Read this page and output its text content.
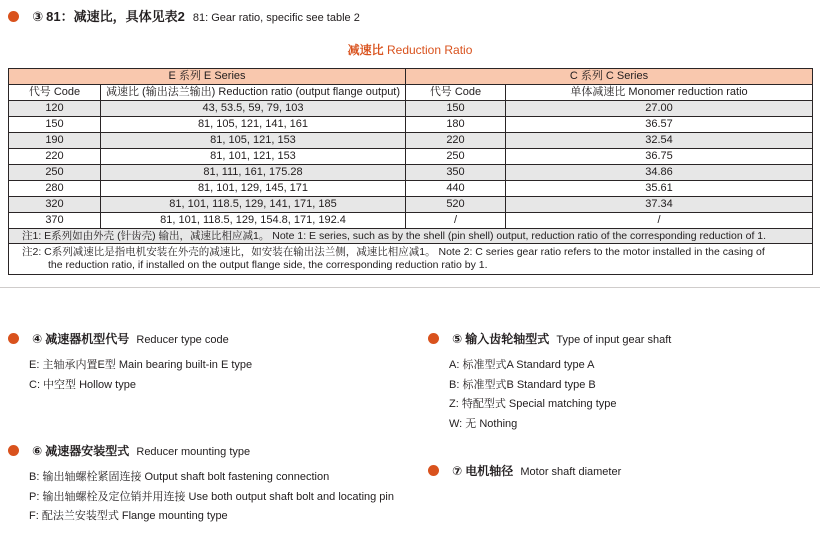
③ 81：减速比，具体见表2 81: Gear ratio, specific see table 2
减速比 Reduction Ratio
E 系列 E Series		C 系列 C Series	
代号 Code	减速比 (输出法兰输出) Reduction ratio (output flange output)	代号 Code	单体减速比 Monomer reduction ratio
120	43, 53.5, 59, 79, 103	150	27.00
150	81, 105, 121, 141, 161	180	36.57
190	81, 105, 121, 153	220	32.54
220	81, 101, 121, 153	250	36.75
250	81, 111, 161, 175.28	350	34.86
280	81, 101, 129, 145, 171	440	35.61
320	81, 101, 118.5, 129, 141, 171, 185	520	37.34
370	81, 101, 118.5, 129, 154.8, 171, 192.4	/	/
注1: E系列如由外壳 (针齿壳) 输出，减速比相应减1。 Note 1: E series, such as by the shell (pin shell) output, reduction ratio of the corresponding reduction of 1.			

注2: C系列减速比是指电机安装在外壳的减速比，如安装在输出法兰侧，减速比相应减1。 Note 2: C series gear ratio refers to the motor installed in the casing of
the reduction ratio, if installed on the output flange side, the corresponding reduction ratio by 1.			
④ 减速器机型代号 Reducer type code
E: 主轴承内置E型 Main bearing built-in E type
C: 中空型 Hollow type
⑤ 输入齿轮轴型式 Type of input gear shaft
A: 标准型式A Standard type A
B: 标准型式B Standard type B
Z: 特配型式 Special matching type
W: 无 Nothing
⑥ 减速器安装型式 Reducer mounting type
B: 输出轴螺栓紧固连接 Output shaft bolt fastening connection
P: 输出轴螺栓及定位销并用连接 Use both output shaft bolt and locating pin
F: 配法兰安装型式 Flange mounting type
⑦ 电机轴径 Motor shaft diameter
